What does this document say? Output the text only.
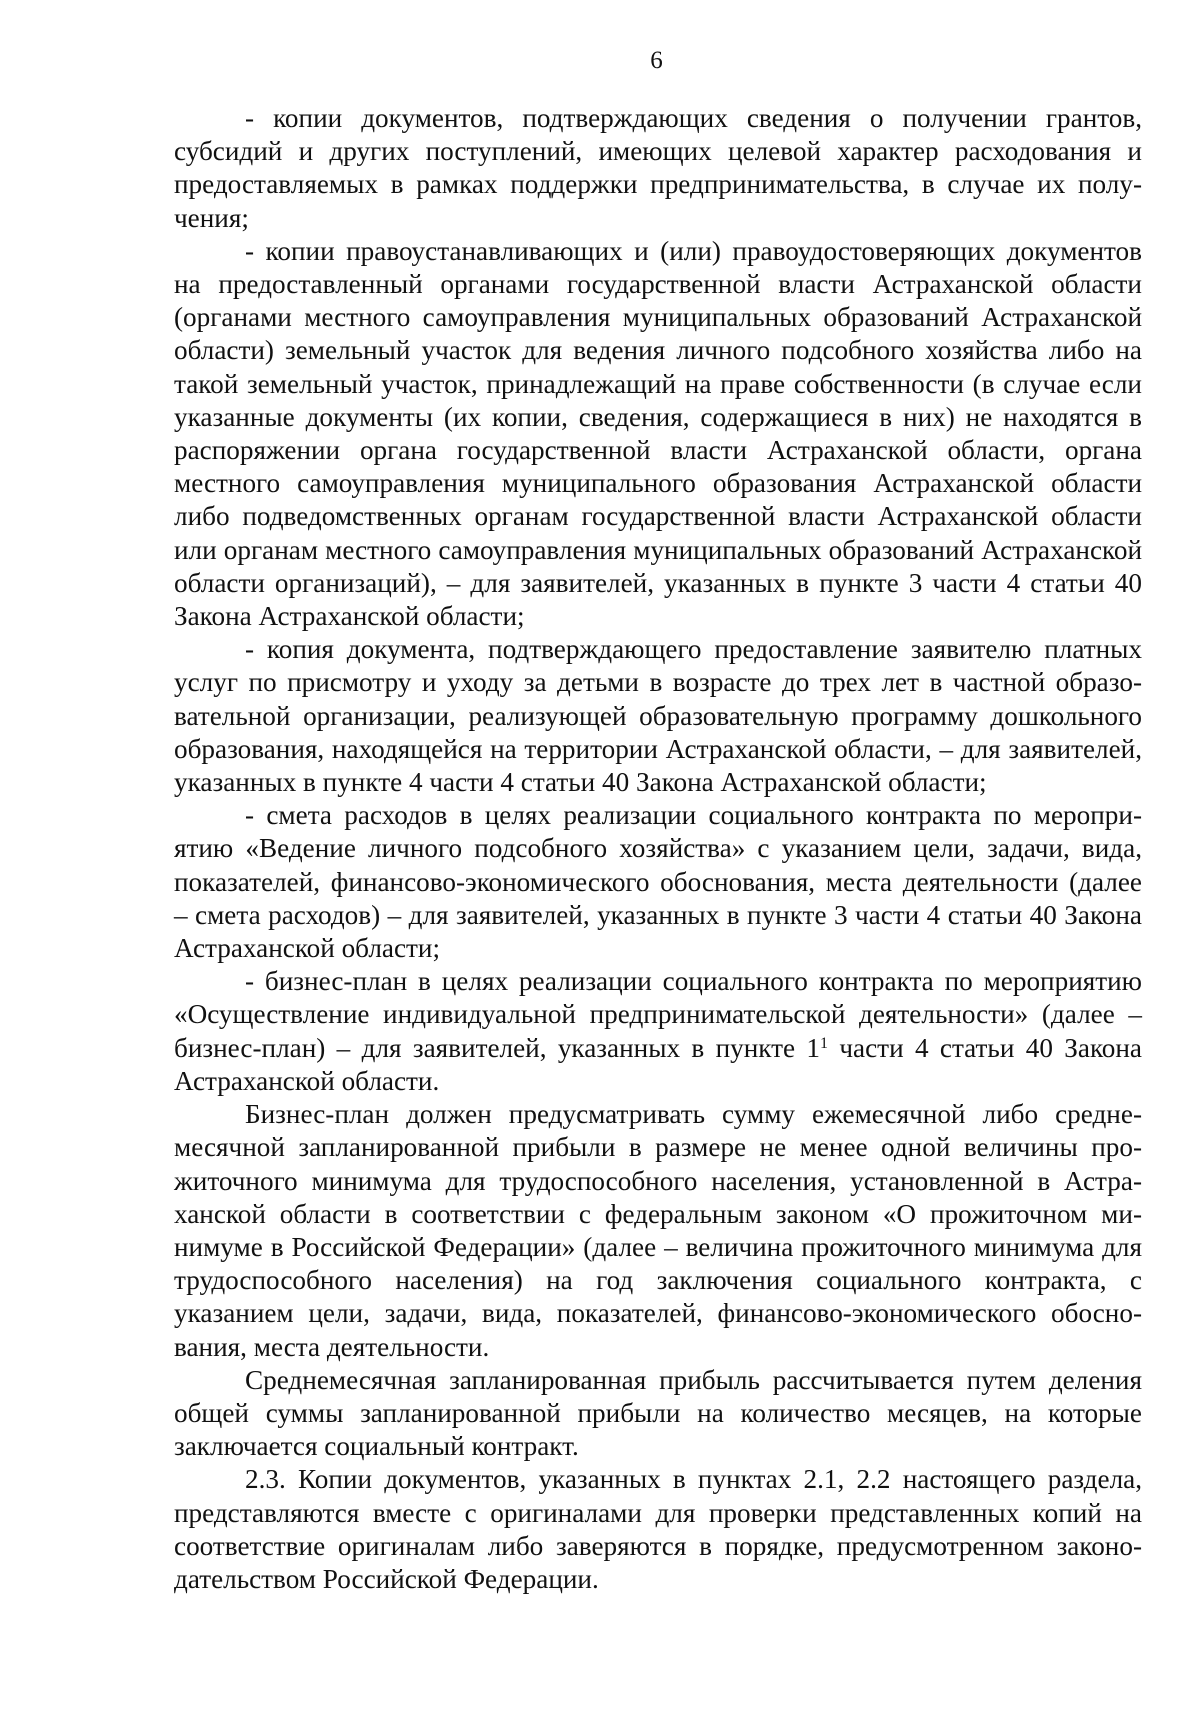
6

- копии документов, подтверждающих сведения о получении грантов, субсидий и других поступлений, имеющих целевой характер расходования и предоставляемых в рамках поддержки предпринимательства, в случае их получения;

- копии правоустанавливающих и (или) правоудостоверяющих документов на предоставленный органами государственной власти Астраханской области (органами местного самоуправления муниципальных образований Астраханской области) земельный участок для ведения личного подсобного хозяйства либо на такой земельный участок, принадлежащий на праве собственности (в случае если указанные документы (их копии, сведения, содержащиеся в них) не находятся в распоряжении органа государственной власти Астраханской области, органа местного самоуправления муниципального образования Астраханской области либо подведомственных органам государственной власти Астраханской области или органам местного самоуправления муниципальных образований Астраханской области организаций), – для заявителей, указанных в пункте 3 части 4 статьи 40 Закона Астраханской области;

- копия документа, подтверждающего предоставление заявителю платных услуг по присмотру и уходу за детьми в возрасте до трех лет в частной образовательной организации, реализующей образовательную программу дошкольного образования, находящейся на территории Астраханской области, – для заявителей, указанных в пункте 4 части 4 статьи 40 Закона Астраханской области;

- смета расходов в целях реализации социального контракта по мероприятию «Ведение личного подсобного хозяйства» с указанием цели, задачи, вида, показателей, финансово-экономического обоснования, места деятельности (далее – смета расходов) – для заявителей, указанных в пункте 3 части 4 статьи 40 Закона Астраханской области;

- бизнес-план в целях реализации социального контракта по мероприятию «Осуществление индивидуальной предпринимательской деятельности» (далее – бизнес-план) – для заявителей, указанных в пункте $1^1$ части 4 статьи 40 Закона Астраханской области.

Бизнес-план должен предусматривать сумму ежемесячной либо среднемесячной запланированной прибыли в размере не менее одной величины прожиточного минимума для трудоспособного населения, установленной в Астраханской области в соответствии с федеральным законом «О прожиточном минимуме в Российской Федерации» (далее – величина прожиточного минимума для трудоспособного населения) на год заключения социального контракта, с указанием цели, задачи, вида, показателей, финансово-экономического обоснования, места деятельности.

Среднемесячная запланированная прибыль рассчитывается путем деления общей суммы запланированной прибыли на количество месяцев, на которые заключается социальный контракт.

2.3. Копии документов, указанных в пунктах 2.1, 2.2 настоящего раздела, представляются вместе с оригиналами для проверки представленных копий на соответствие оригиналам либо заверяются в порядке, предусмотренном законодательством Российской Федерации.
